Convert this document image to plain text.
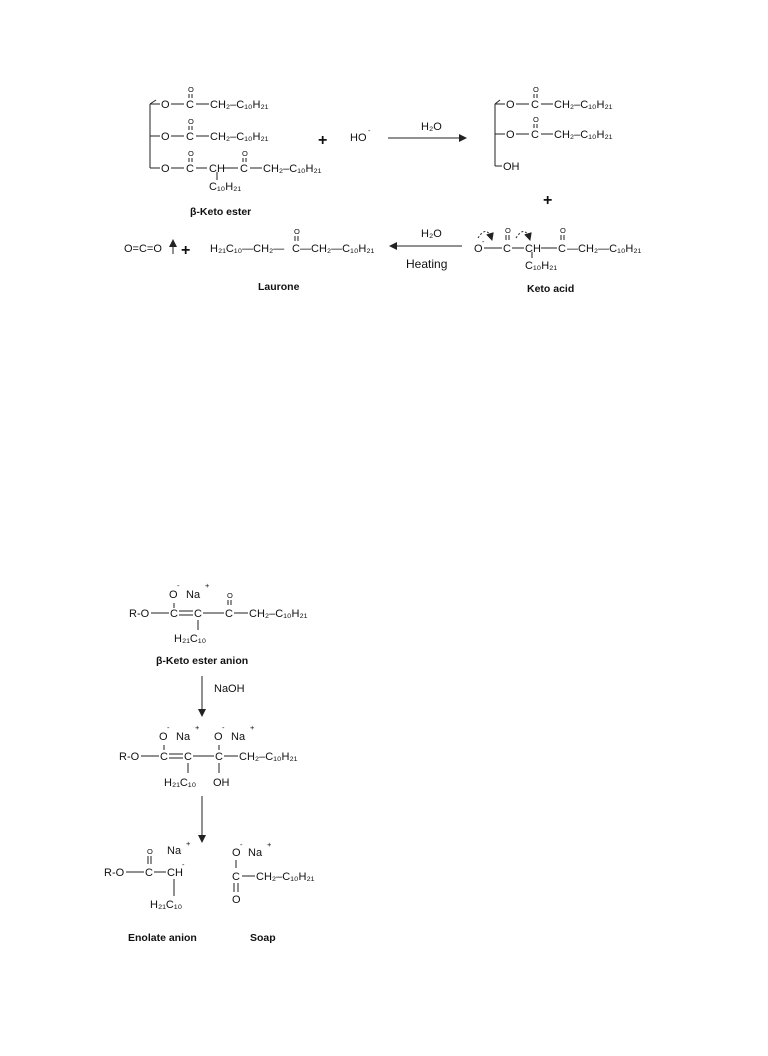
O C
O
CH₂–C₁₀H₂₁
O C
O
CH₂–C₁₀H₂₁
O C
O
CH
C₁₀H₂₁
C
O
CH₂–C₁₀H₂₁
β-Keto ester
+ HO
-	H₂O
O C
O
CH₂–C₁₀H₂₁
O C
O
CH₂–C₁₀H₂₁
OH
+
O
-
C
O
CH
C₁₀H₂₁
C
O
—CH₂—C₁₀H₂₁
Keto acid
H₂O
Heating
H₂₁C₁₀—CH₂— C
O
—CH₂—C₁₀H₂₁
Laurone
O=C=O +
R-O C
O
-
Na
+
C
H₂₁C₁₀
C
O
CH₂–C₁₀H₂₁
β-Keto ester anion
NaOH
R-O C
O
-
Na
+
C
H₂₁C₁₀
C
O
-
Na
+
OH
CH₂–C₁₀H₂₁
R-O C
O Na
+
CH
-
H₂₁C₁₀
Enolate anion
O
-
Na
+
C
O
CH₂–C₁₀H₂₁
Soap
